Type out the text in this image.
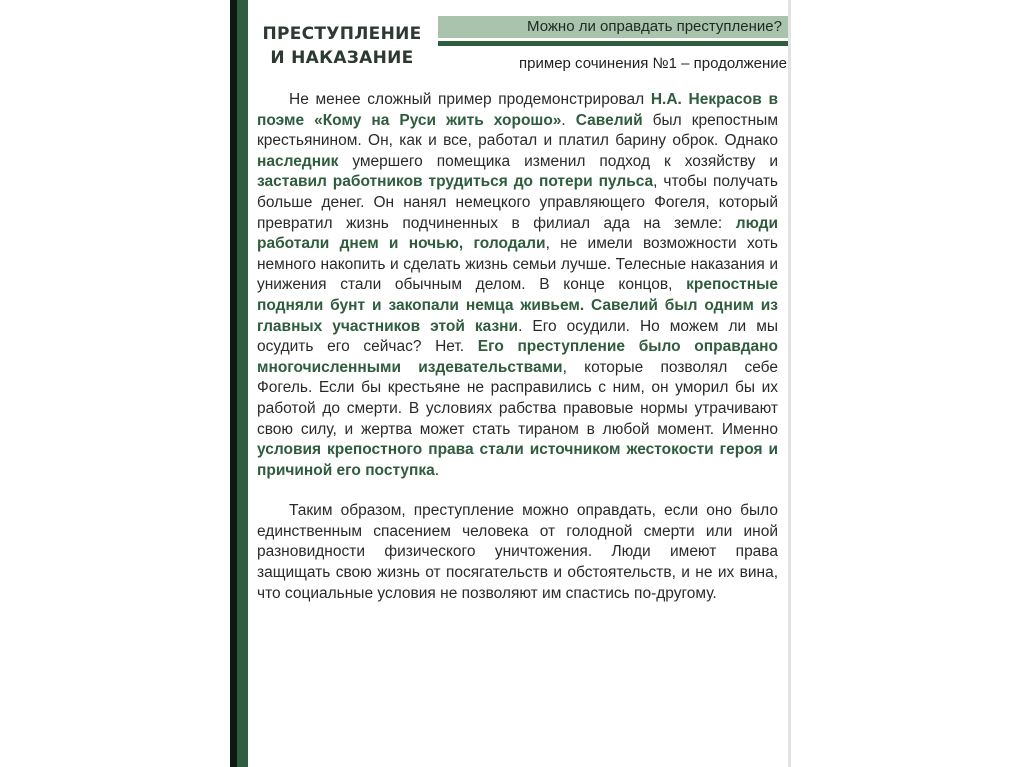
ПРЕСТУПЛЕНИЕ
И НАКАЗАНИЕ
Можно ли оправдать преступление?
пример сочинения №1 – продолжение

Не менее сложный пример продемонстрировал Н.А. Некрасов в поэме «Кому на Руси жить хорошо». Савелий был крепостным крестьянином. Он, как и все, работал и платил барину оброк. Однако наследник умершего помещика изменил подход к хозяйству и заставил работников трудиться до потери пульса, чтобы получать больше денег. Он нанял немецкого управляющего Фогеля, который превратил жизнь подчиненных в филиал ада на земле: люди работали днем и ночью, голодали, не имели возможности хоть немного накопить и сделать жизнь семьи лучше. Телесные наказания и унижения стали обычным делом. В конце концов, крепостные подняли бунт и закопали немца живьем. Савелий был одним из главных участников этой казни. Его осудили. Но можем ли мы осудить его сейчас? Нет. Его преступление было оправдано многочисленными издевательствами, которые позволял себе Фогель. Если бы крестьяне не расправились с ним, он уморил бы их работой до смерти. В условиях рабства правовые нормы утрачивают свою силу, и жертва может стать тираном в любой момент. Именно условия крепостного права стали источником жестокости героя и причиной его поступка.

Таким образом, преступление можно оправдать, если оно было единственным спасением человека от голодной смерти или иной разновидности физического уничтожения. Люди имеют права защищать свою жизнь от посягательств и обстоятельств, и не их вина, что социальные условия не позволяют им спастись по-другому.
